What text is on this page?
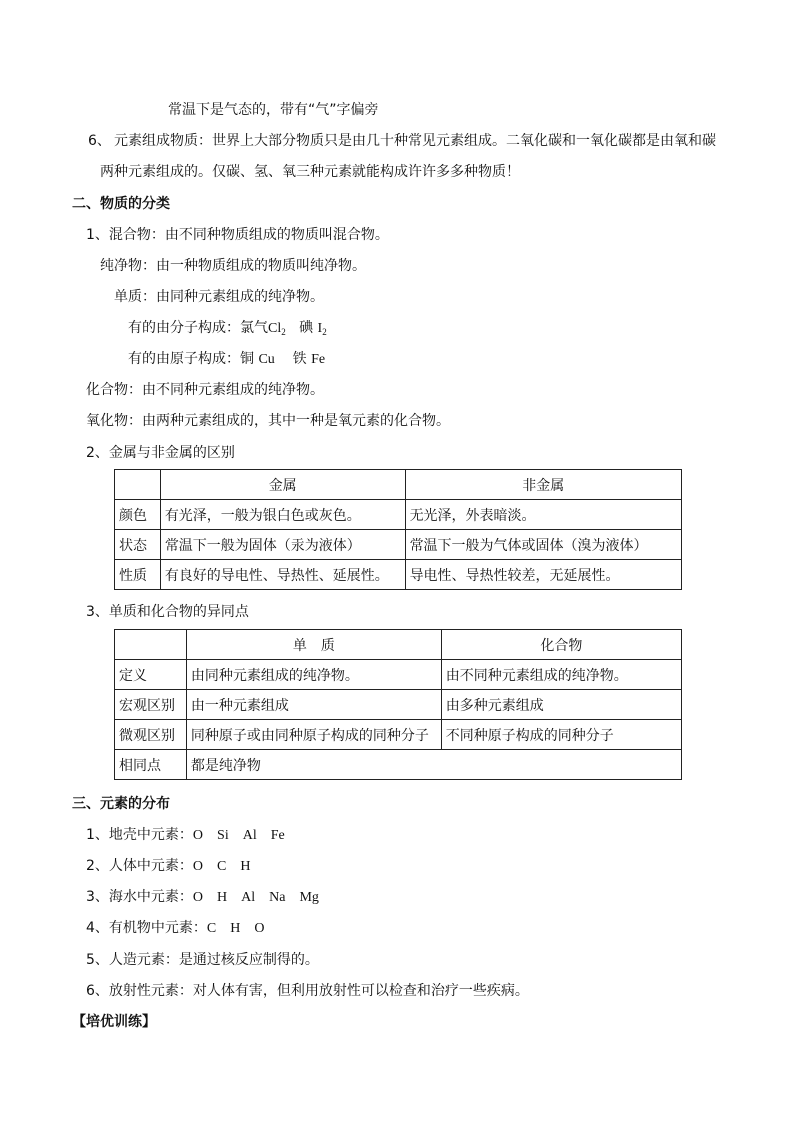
常温下是气态的，带有“气”字偏旁
6、 元素组成物质：世界上大部分物质只是由几十种常见元素组成。二氧化碳和一氧化碳都是由氧和碳
两种元素组成的。仅碳、氢、氧三种元素就能构成许许多多种物质！
二、物质的分类
1、混合物：由不同种物质组成的物质叫混合物。
纯净物：由一种物质组成的物质叫纯净物。
单质：由同种元素组成的纯净物。
有的由分子构成：氯气$Cl_2$ 碘 $I_2$
有的由原子构成：铜 Cu 铁 Fe
化合物：由不同种元素组成的纯净物。
氧化物：由两种元素组成的，其中一种是氧元素的化合物。
2、金属与非金属的区别
	金属	非金属
颜色	有光泽，一般为银白色或灰色。	无光泽，外表暗淡。
状态	常温下一般为固体（汞为液体）	常温下一般为气体或固体（溴为液体）
性质	有良好的导电性、导热性、延展性。	导电性、导热性较差，无延展性。
3、单质和化合物的异同点
	单　质	化合物
定义	由同种元素组成的纯净物。	由不同种元素组成的纯净物。
宏观区别	由一种元素组成	由多种元素组成
微观区别	同种原子或由同种原子构成的同种分子	不同种原子构成的同种分子
相同点	都是纯净物	
三、元素的分布
1、地壳中元素：O　Si　Al　Fe
2、人体中元素：O　C　H
3、海水中元素：O　H　Al　Na　Mg
4、有机物中元素：C　H　O
5、人造元素：是通过核反应制得的。
6、放射性元素：对人体有害，但利用放射性可以检查和治疗一些疾病。
【培优训练】
